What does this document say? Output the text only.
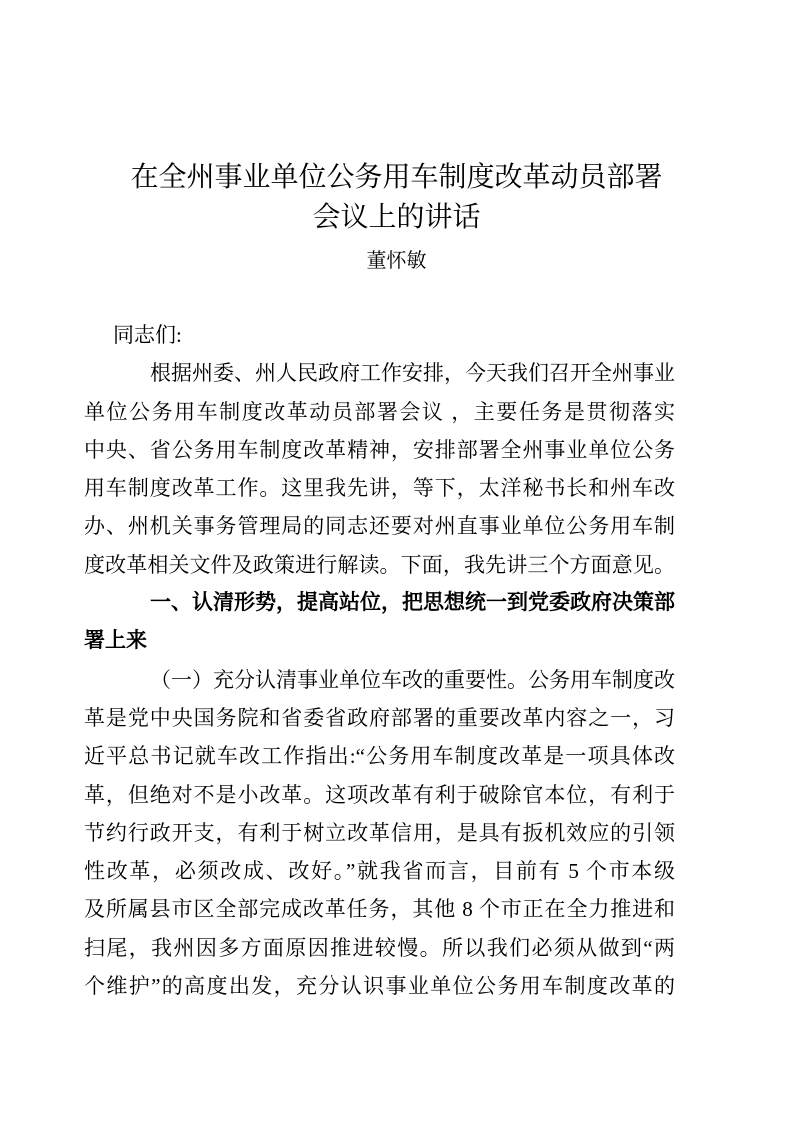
在全州事业单位公务用车制度改革动员部署
会议上的讲话
董怀敏
同志们:
根据州委、州人民政府工作安排，今天我们召开全州事业
单位公务用车制度改革动员部署会议 ，主要任务是贯彻落实
中央、省公务用车制度改革精神，安排部署全州事业单位公务
用车制度改革工作。这里我先讲，等下，太洋秘书长和州车改
办、州机关事务管理局的同志还要对州直事业单位公务用车制
度改革相关文件及政策进行解读。下面，我先讲三个方面意见。
一、认清形势，提高站位，把思想统一到党委政府决策部
署上来
（一）充分认清事业单位车改的重要性。公务用车制度改
革是党中央国务院和省委省政府部署的重要改革内容之一，习
近平总书记就车改工作指出:“公务用车制度改革是一项具体改
革，但绝对不是小改革。这项改革有利于破除官本位，有利于
节约行政开支，有利于树立改革信用，是具有扳机效应的引领
性改革，必须改成、改好。”就我省而言，目前有 5 个市本级
及所属县市区全部完成改革任务，其他 8 个市正在全力推进和
扫尾，我州因多方面原因推进较慢。所以我们必须从做到“两
个维护”的高度出发，充分认识事业单位公务用车制度改革的
